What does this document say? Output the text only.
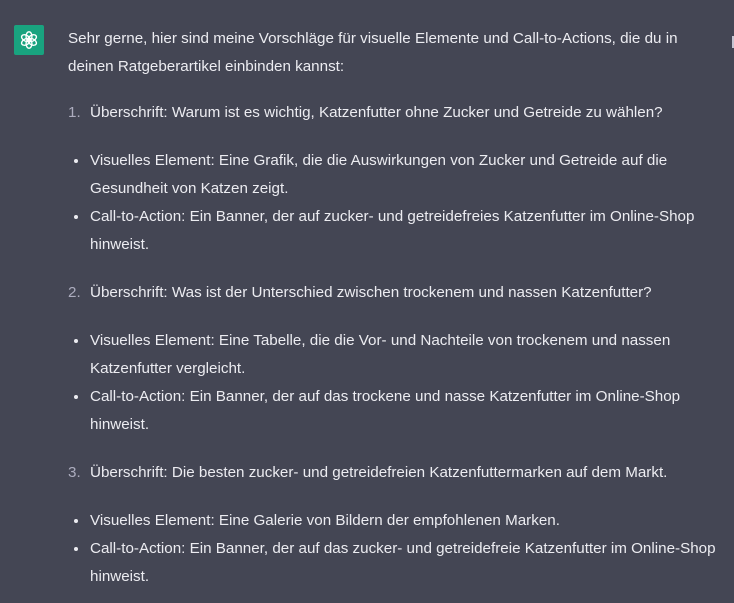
Sehr gerne, hier sind meine Vorschläge für visuelle Elemente und Call-to-Actions, die du in deinen Ratgeberartikel einbinden kannst:

1. Überschrift: Warum ist es wichtig, Katzenfutter ohne Zucker und Getreide zu wählen?
Visuelles Element: Eine Grafik, die die Auswirkungen von Zucker und Getreide auf die Gesundheit von Katzen zeigt.
Call-to-Action: Ein Banner, der auf zucker- und getreidefreies Katzenfutter im Online-Shop hinweist.
2. Überschrift: Was ist der Unterschied zwischen trockenem und nassen Katzenfutter?
Visuelles Element: Eine Tabelle, die die Vor- und Nachteile von trockenem und nassen Katzenfutter vergleicht.
Call-to-Action: Ein Banner, der auf das trockene und nasse Katzenfutter im Online-Shop hinweist.
3. Überschrift: Die besten zucker- und getreidefreien Katzenfuttermarken auf dem Markt.
Visuelles Element: Eine Galerie von Bildern der empfohlenen Marken.
Call-to-Action: Ein Banner, der auf das zucker- und getreidefreie Katzenfutter im Online-Shop hinweist.
